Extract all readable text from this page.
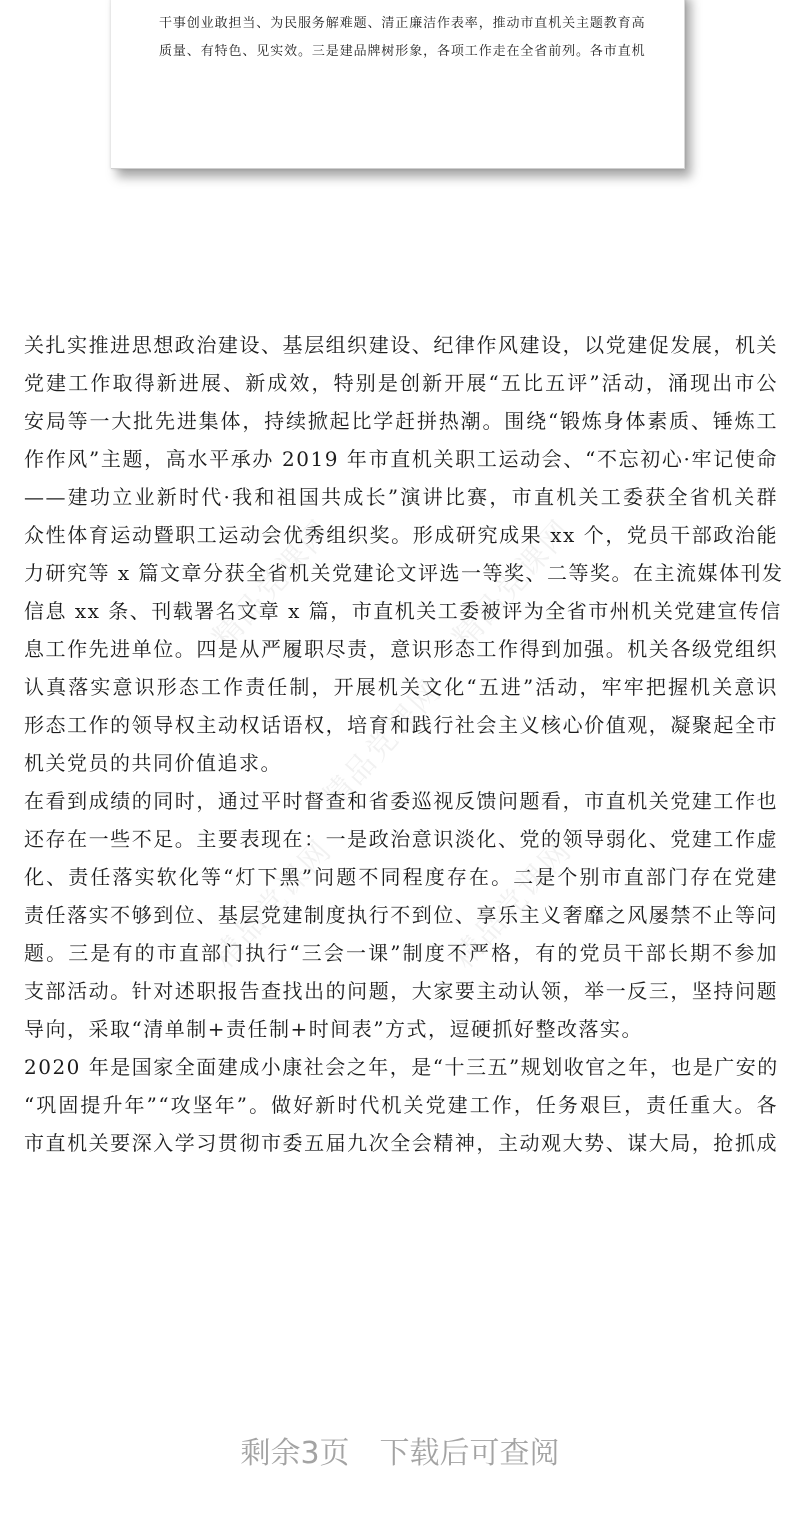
干事创业敢担当、为民服务解难题、清正廉洁作表率，推动市直机关主题教育高
质量、有特色、见实效。三是建品牌树形象，各项工作走在全省前列。各市直机
精品党课网	精品党课网
精品党课网	精品党课网
精品党课网
关扎实推进思想政治建设、基层组织建设、纪律作风建设，以党建促发展，机关
党建工作取得新进展、新成效，特别是创新开展“五比五评”活动，涌现出市公
安局等一大批先进集体，持续掀起比学赶拼热潮。围绕“锻炼身体素质、锤炼工
作作风”主题，高水平承办 2019 年市直机关职工运动会、“不忘初心·牢记使命
——建功立业新时代·我和祖国共成长”演讲比赛，市直机关工委获全省机关群
众性体育运动暨职工运动会优秀组织奖。形成研究成果 xx 个，党员干部政治能
力研究等 x 篇文章分获全省机关党建论文评选一等奖、二等奖。在主流媒体刊发
信息 xx 条、刊载署名文章 x 篇，市直机关工委被评为全省市州机关党建宣传信
息工作先进单位。四是从严履职尽责，意识形态工作得到加强。机关各级党组织
认真落实意识形态工作责任制，开展机关文化“五进”活动，牢牢把握机关意识
形态工作的领导权主动权话语权，培育和践行社会主义核心价值观，凝聚起全市
机关党员的共同价值追求。
在看到成绩的同时，通过平时督查和省委巡视反馈问题看，市直机关党建工作也
还存在一些不足。主要表现在：一是政治意识淡化、党的领导弱化、党建工作虚
化、责任落实软化等“灯下黑”问题不同程度存在。二是个别市直部门存在党建
责任落实不够到位、基层党建制度执行不到位、享乐主义奢靡之风屡禁不止等问
题。三是有的市直部门执行“三会一课”制度不严格，有的党员干部长期不参加
支部活动。针对述职报告查找出的问题，大家要主动认领，举一反三，坚持问题
导向，采取“清单制+责任制+时间表”方式，逗硬抓好整改落实。
2020 年是国家全面建成小康社会之年，是“十三五”规划收官之年，也是广安的
“巩固提升年”“攻坚年”。做好新时代机关党建工作，任务艰巨，责任重大。各
市直机关要深入学习贯彻市委五届九次全会精神，主动观大势、谋大局，抢抓成
剩余3页　下载后可查阅
